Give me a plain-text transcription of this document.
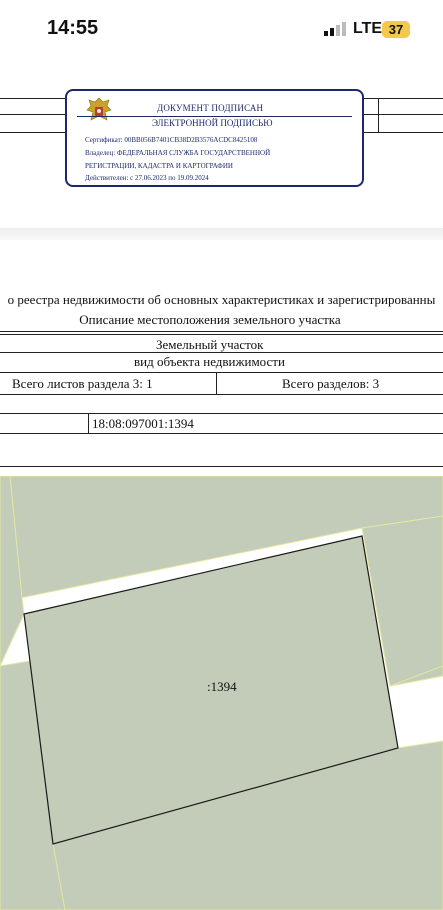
14:55	LTE 37
ДОКУМЕНТ ПОДПИСАН
ЭЛЕКТРОННОЙ ПОДПИСЬЮ
Сертификат: 00BB056B7401CB38D2B3576ACDC8425108
Владелец: ФЕДЕРАЛЬНАЯ СЛУЖБА ГОСУДАРСТВЕННОЙ
РЕГИСТРАЦИИ, КАДАСТРА И КАРТОГРАФИИ
Действителен: с 27.06.2023 по 19.09.2024
о реестра недвижимости об основных характеристиках и зарегистрированны
Описание местоположения земельного участка
Земельный участок
вид объекта недвижимости
Всего листов раздела 3: 1	Всего разделов: 3
18:08:097001:1394
:1394
